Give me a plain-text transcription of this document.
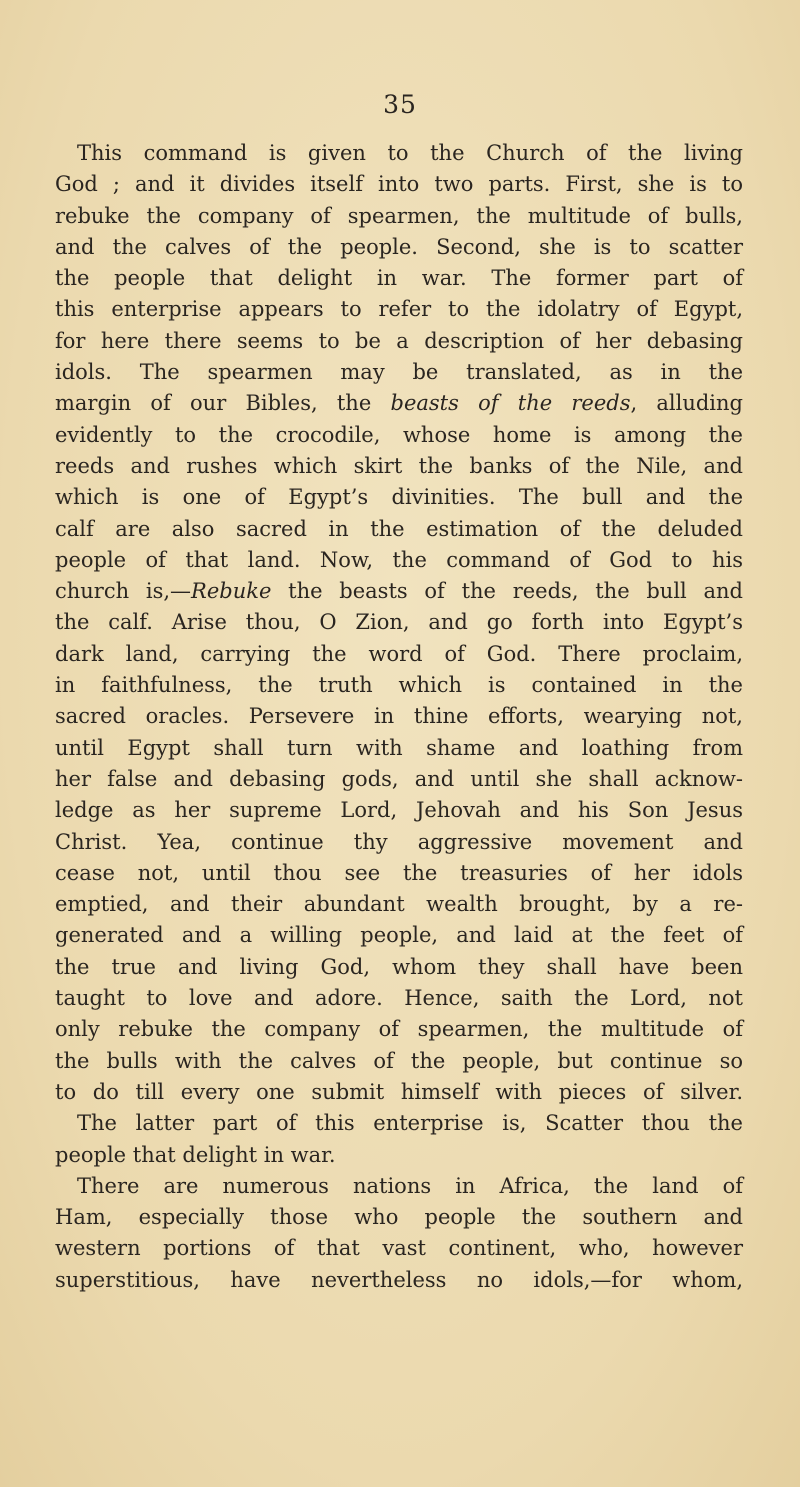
35
This command is given to the Church of the living
God ; and it divides itself into two parts. First, she is to
rebuke the company of spearmen, the multitude of bulls,
and the calves of the people. Second, she is to scatter
the people that delight in war. The former part of
this enterprise appears to refer to the idolatry of Egypt,
for here there seems to be a description of her debasing
idols. The spearmen may be translated, as in the
margin of our Bibles, the beasts of the reeds, alluding
evidently to the crocodile, whose home is among the
reeds and rushes which skirt the banks of the Nile, and
which is one of Egypt’s divinities. The bull and the
calf are also sacred in the estimation of the deluded
people of that land. Now, the command of God to his
church is,—Rebuke the beasts of the reeds, the bull and
the calf. Arise thou, O Zion, and go forth into Egypt’s
dark land, carrying the word of God. There proclaim,
in faithfulness, the truth which is contained in the
sacred oracles. Persevere in thine efforts, wearying not,
until Egypt shall turn with shame and loathing from
her false and debasing gods, and until she shall acknow-
ledge as her supreme Lord, Jehovah and his Son Jesus
Christ. Yea, continue thy aggressive movement and
cease not, until thou see the treasuries of her idols
emptied, and their abundant wealth brought, by a re-
generated and a willing people, and laid at the feet of
the true and living God, whom they shall have been
taught to love and adore. Hence, saith the Lord, not
only rebuke the company of spearmen, the multitude of
the bulls with the calves of the people, but continue so
to do till every one submit himself with pieces of silver.
The latter part of this enterprise is, Scatter thou the
people that delight in war.
There are numerous nations in Africa, the land of
Ham, especially those who people the southern and
western portions of that vast continent, who, however
superstitious, have nevertheless no idols,—for whom,
